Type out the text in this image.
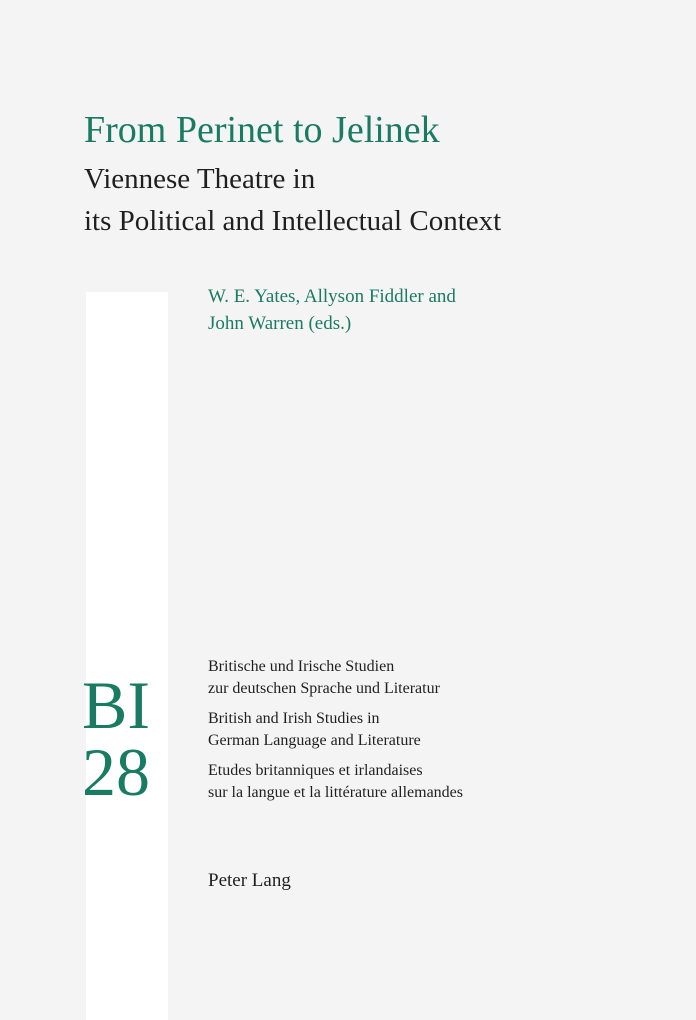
From Perinet to Jelinek
Viennese Theatre in
its Political and Intellectual Context

W. E. Yates, Allyson Fiddler and
John Warren (eds.)

BI
28
Britische und Irische Studien
zur deutschen Sprache und Literatur
British and Irish Studies in
German Language and Literature
Etudes britanniques et irlandaises
sur la langue et la littérature allemandes

Peter Lang
